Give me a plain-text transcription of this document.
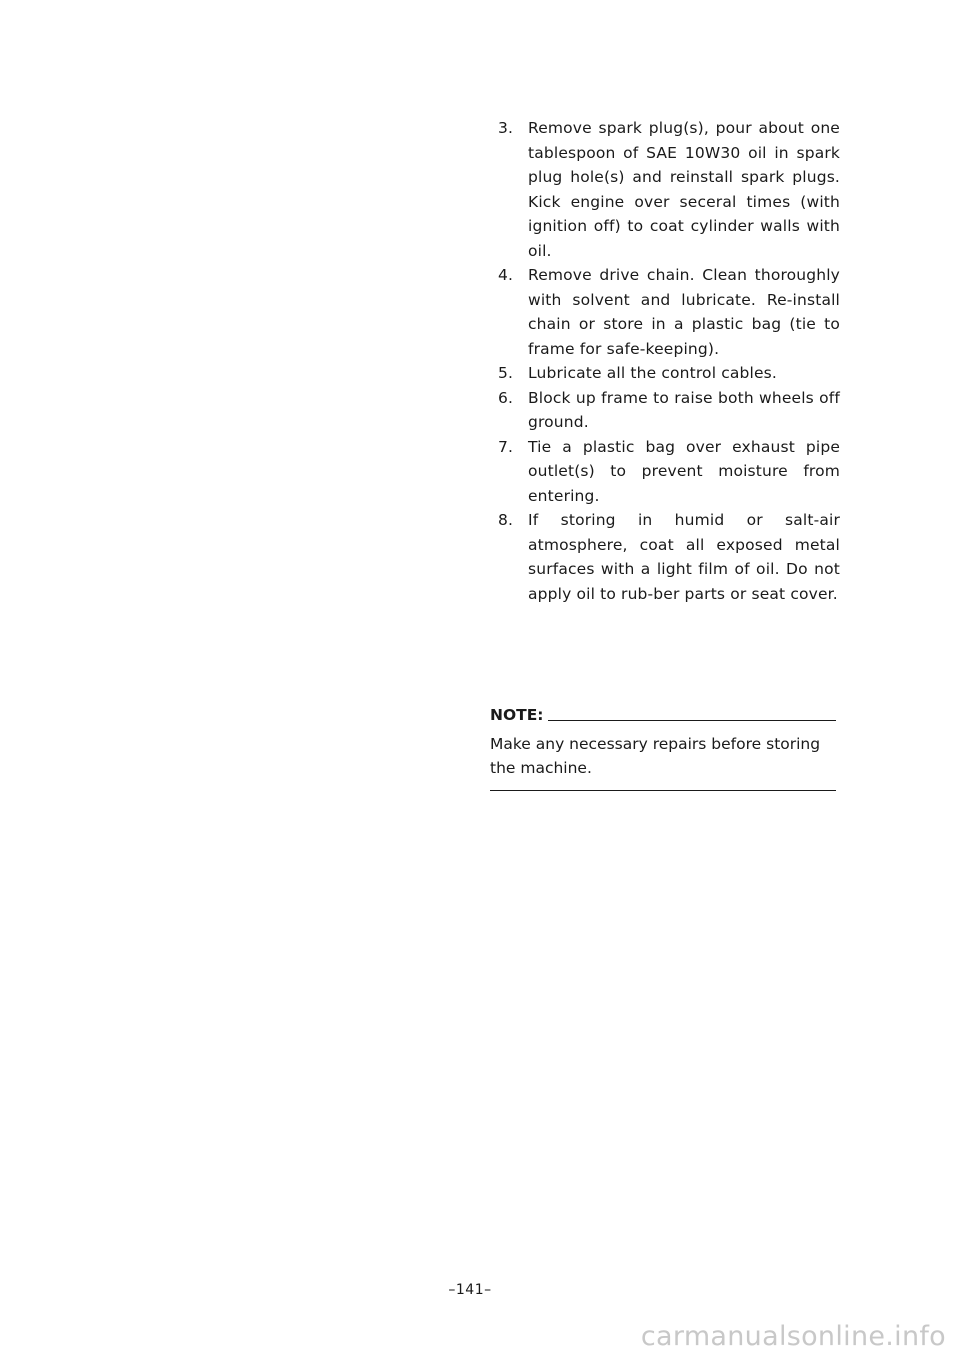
3. Remove spark plug(s), pour about one tablespoon of SAE 10W30 oil in spark plug hole(s) and reinstall spark plugs. Kick engine over seceral times (with ignition off) to coat cylinder walls with oil.
4. Remove drive chain. Clean thoroughly with solvent and lubricate. Re-install chain or store in a plastic bag (tie to frame for safe-keeping).
5. Lubricate all the control cables.
6. Block up frame to raise both wheels off ground.
7. Tie a plastic bag over exhaust pipe outlet(s) to prevent moisture from entering.
8. If storing in humid or salt-air atmosphere, coat all exposed metal surfaces with a light film of oil. Do not apply oil to rub-ber parts or seat cover.
NOTE:
Make any necessary repairs before storing the machine.
–141–
carmanualsonline.info
